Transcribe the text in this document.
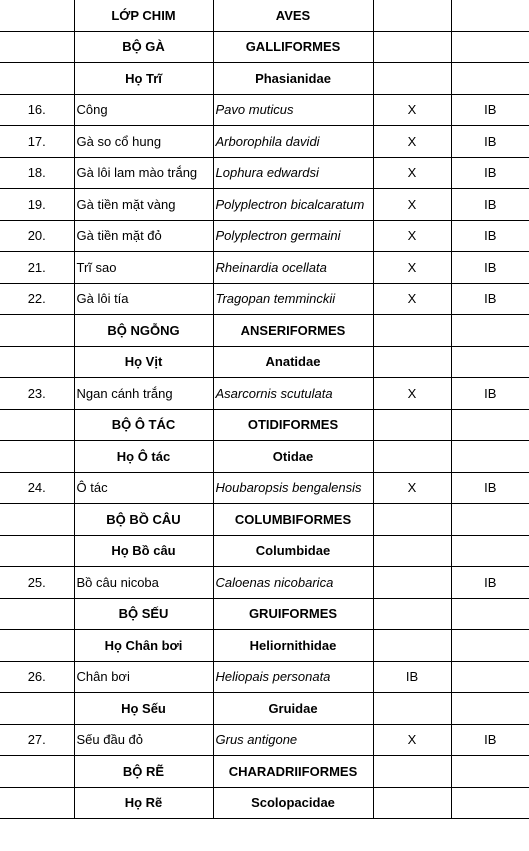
	LỚP CHIM	AVES		
	BỘ GÀ	GALLIFORMES		
	Họ Trĩ	Phasianidae		
16.	Công	Pavo muticus	X	IB
17.	Gà so cổ hung	Arborophila davidi	X	IB
18.	Gà lôi lam mào trắng	Lophura edwardsi	X	IB
19.	Gà tiền mặt vàng	Polyplectron bicalcaratum	X	IB
20.	Gà tiền mặt đỏ	Polyplectron germaini	X	IB
21.	Trĩ sao	Rheinardia ocellata	X	IB
22.	Gà lôi tía	Tragopan temminckii	X	IB
	BỘ NGỖNG	ANSERIFORMES		
	Họ Vịt	Anatidae		
23.	Ngan cánh trắng	Asarcornis scutulata	X	IB
	BỘ Ô TÁC	OTIDIFORMES		
	Họ Ô tác	Otidae		
24.	Ô tác	Houbaropsis bengalensis	X	IB
	BỘ BỒ CÂU	COLUMBIFORMES		
	Họ Bồ câu	Columbidae		
25.	Bồ câu nicoba	Caloenas nicobarica		IB
	BỘ SẾU	GRUIFORMES		
	Họ Chân bơi	Heliornithidae		
26.	Chân bơi	Heliopais personata	IB	
	Họ Sếu	Gruidae		
27.	Sếu đầu đỏ	Grus antigone	X	IB
	BỘ RẼ	CHARADRIIFORMES		
	Họ Rẽ	Scolopacidae		
